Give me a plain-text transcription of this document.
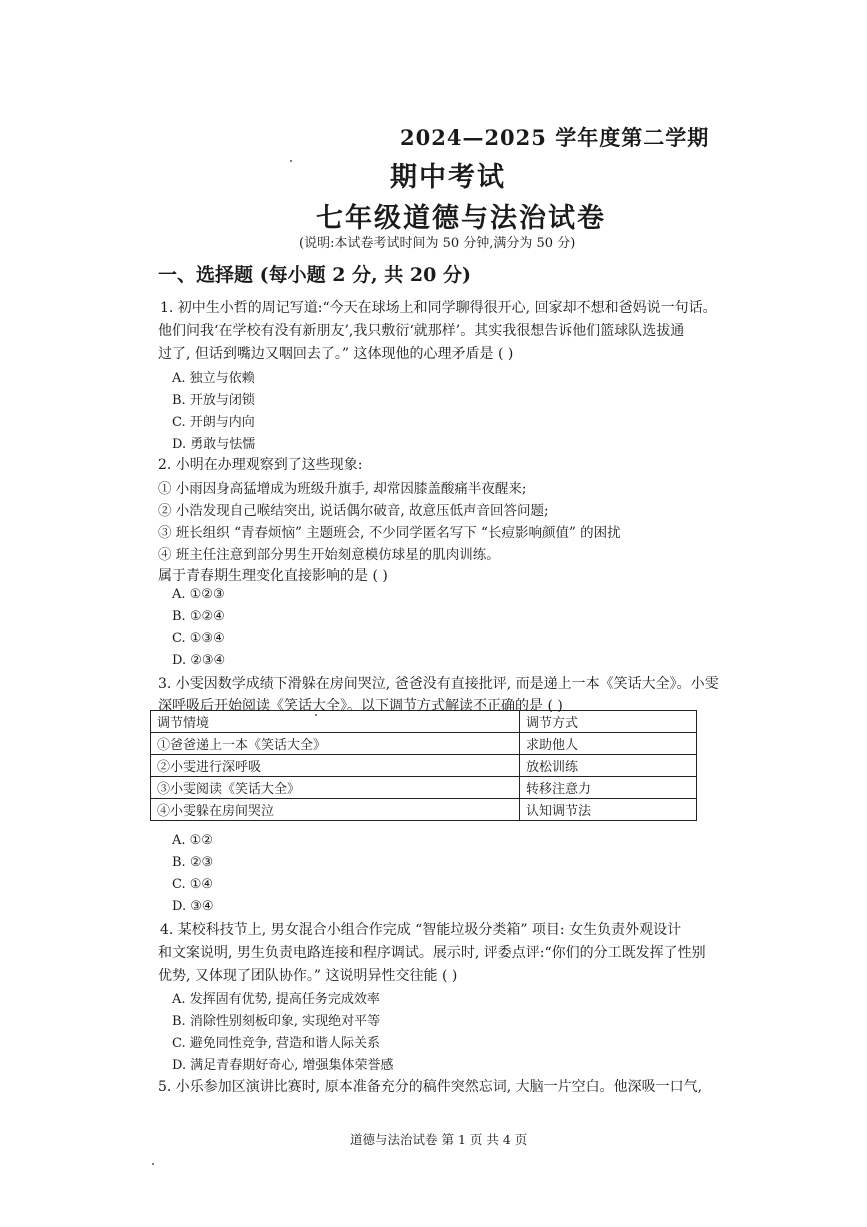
2024—2025 学年度第二学期
期中考试
七年级道德与法治试卷
(说明:本试卷考试时间为 50 分钟,满分为 50 分)
一、选择题 (每小题 2 分, 共 20 分)
1. 初中生小哲的周记写道:“今天在球场上和同学聊得很开心, 回家却不想和爸妈说一句话。
他们问我‘在学校有没有新朋友’,我只敷衍‘就那样’。其实我很想告诉他们篮球队选拔通
过了, 但话到嘴边又咽回去了。” 这体现他的心理矛盾是 ( )
A. 独立与依赖
B. 开放与闭锁
C. 开朗与内向
D. 勇敢与怯懦
2. 小明在办理观察到了这些现象:
① 小雨因身高猛增成为班级升旗手, 却常因膝盖酸痛半夜醒来;
② 小浩发现自己喉结突出, 说话偶尔破音, 故意压低声音回答问题;
③ 班长组织 “青春烦恼” 主题班会, 不少同学匿名写下 “长痘影响颜值” 的困扰
④ 班主任注意到部分男生开始刻意模仿球星的肌肉训练。
属于青春期生理变化直接影响的是 ( )
A. ①②③
B. ①②④
C. ①③④
D. ②③④
3. 小雯因数学成绩下滑躲在房间哭泣, 爸爸没有直接批评, 而是递上一本《笑话大全》。小雯
深呼吸后开始阅读《笑话大全》。以下调节方式解读不正确的是 ( )
调节情境	调节方式
①爸爸递上一本《笑话大全》	求助他人
②小雯进行深呼吸	放松训练
③小雯阅读《笑话大全》	转移注意力
④小雯躲在房间哭泣	认知调节法
A. ①②
B. ②③
C. ①④
D. ③④
4. 某校科技节上, 男女混合小组合作完成 “智能垃圾分类箱” 项目: 女生负责外观设计
和文案说明, 男生负责电路连接和程序调试。展示时, 评委点评:“你们的分工既发挥了性别
优势, 又体现了团队协作。” 这说明异性交往能 ( )
A. 发挥固有优势, 提高任务完成效率
B. 消除性别刻板印象, 实现绝对平等
C. 避免同性竞争, 营造和谐人际关系
D. 满足青春期好奇心, 增强集体荣誉感
5. 小乐参加区演讲比赛时, 原本准备充分的稿件突然忘词, 大脑一片空白。他深吸一口气,
道德与法治试卷 第 1 页 共 4 页
